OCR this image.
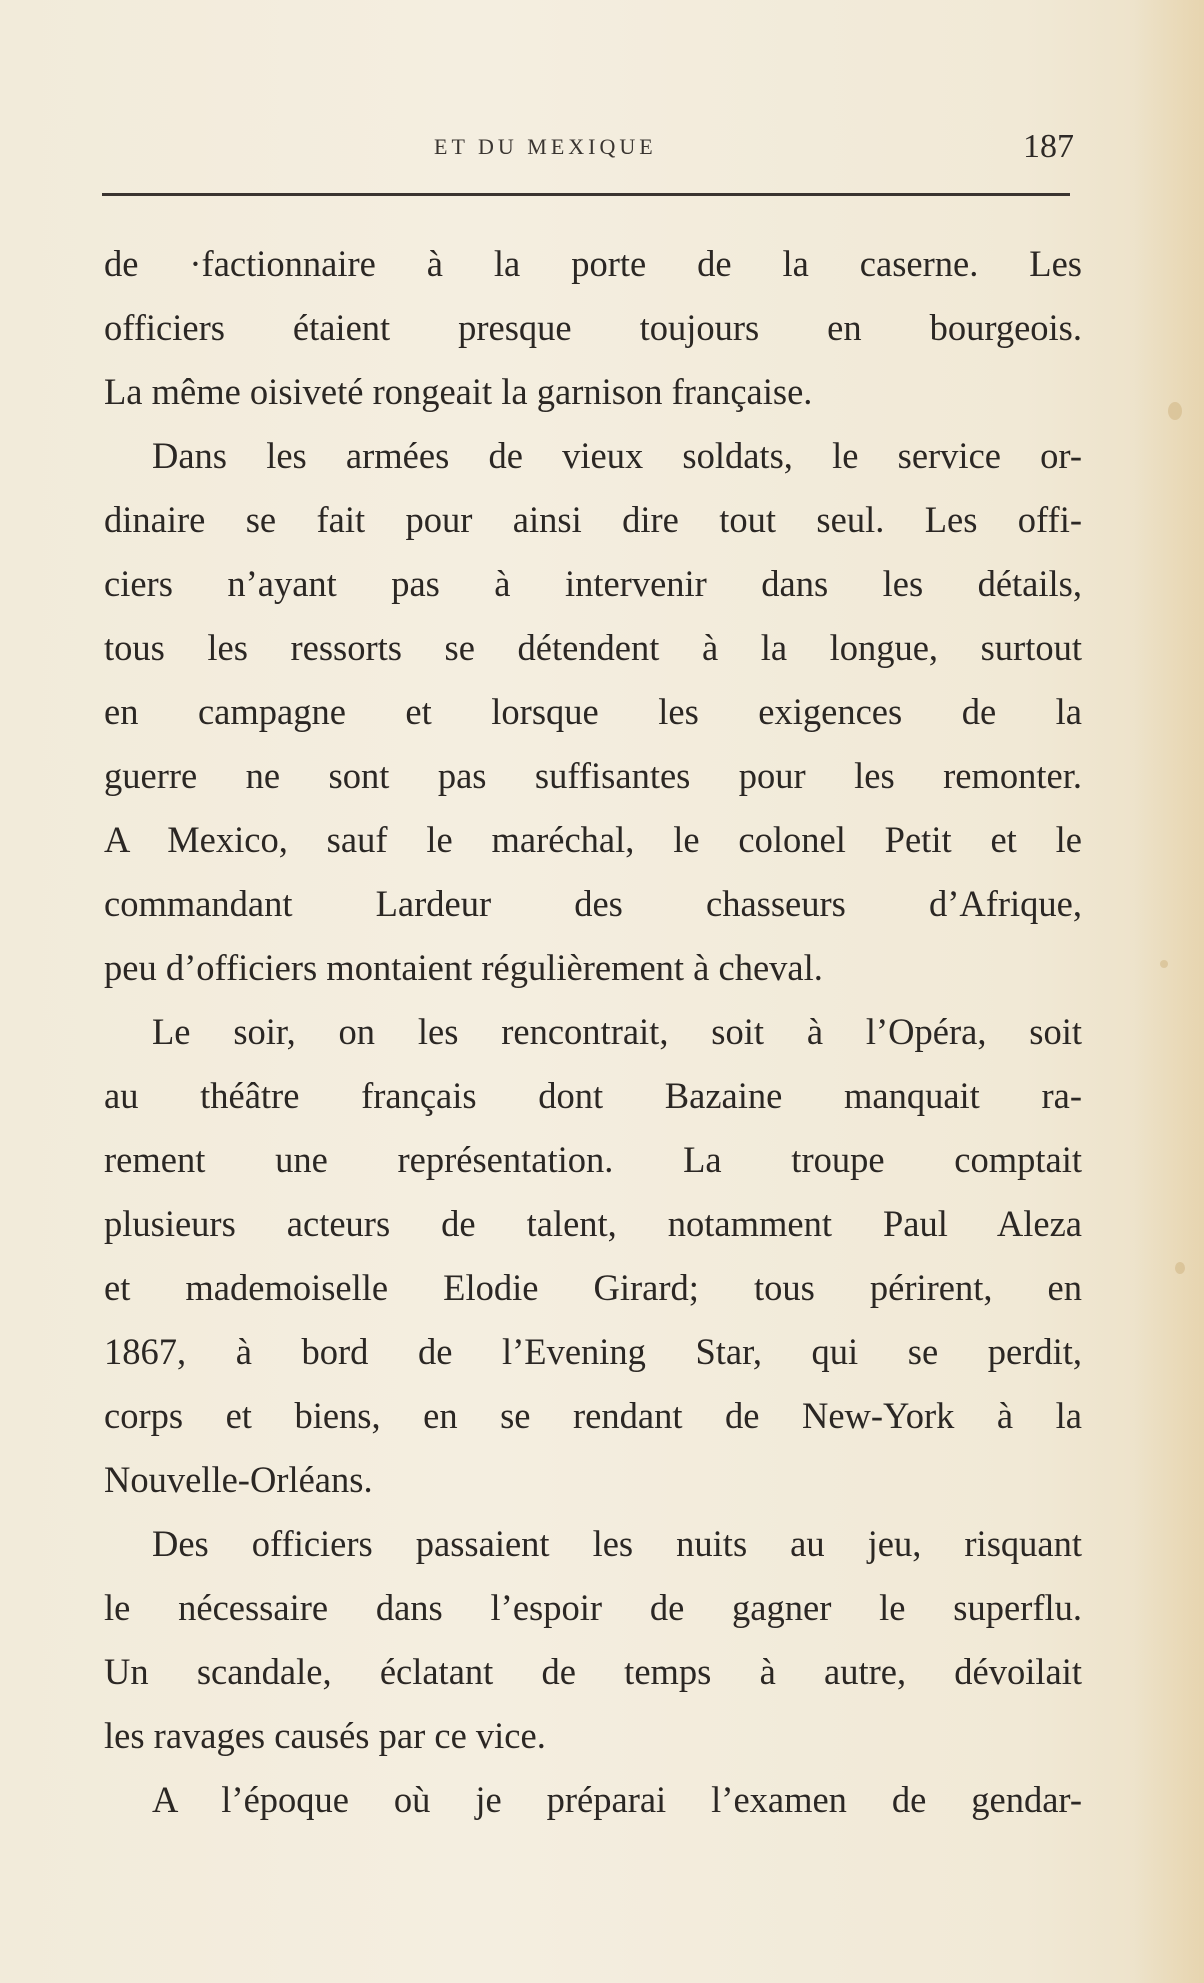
ET DU MEXIQUE	187
de ·factionnaire à la porte de la caserne. Les
officiers étaient presque toujours en bourgeois.
La même oisiveté rongeait la garnison française.
Dans les armées de vieux soldats, le service or-
dinaire se fait pour ainsi dire tout seul. Les offi-
ciers n’ayant pas à intervenir dans les détails,
tous les ressorts se détendent à la longue, surtout
en campagne et lorsque les exigences de la
guerre ne sont pas suffisantes pour les remonter.
A Mexico, sauf le maréchal, le colonel Petit et le
commandant Lardeur des chasseurs d’Afrique,
peu d’officiers montaient régulièrement à cheval.
Le soir, on les rencontrait, soit à l’Opéra, soit
au théâtre français dont Bazaine manquait ra-
rement une représentation. La troupe comptait
plusieurs acteurs de talent, notamment Paul Aleza
et mademoiselle Elodie Girard; tous périrent, en
1867, à bord de l’Evening Star, qui se perdit,
corps et biens, en se rendant de New-York à la
Nouvelle-Orléans.
Des officiers passaient les nuits au jeu, risquant
le nécessaire dans l’espoir de gagner le superflu.
Un scandale, éclatant de temps à autre, dévoilait
les ravages causés par ce vice.
A l’époque où je préparai l’examen de gendar-
